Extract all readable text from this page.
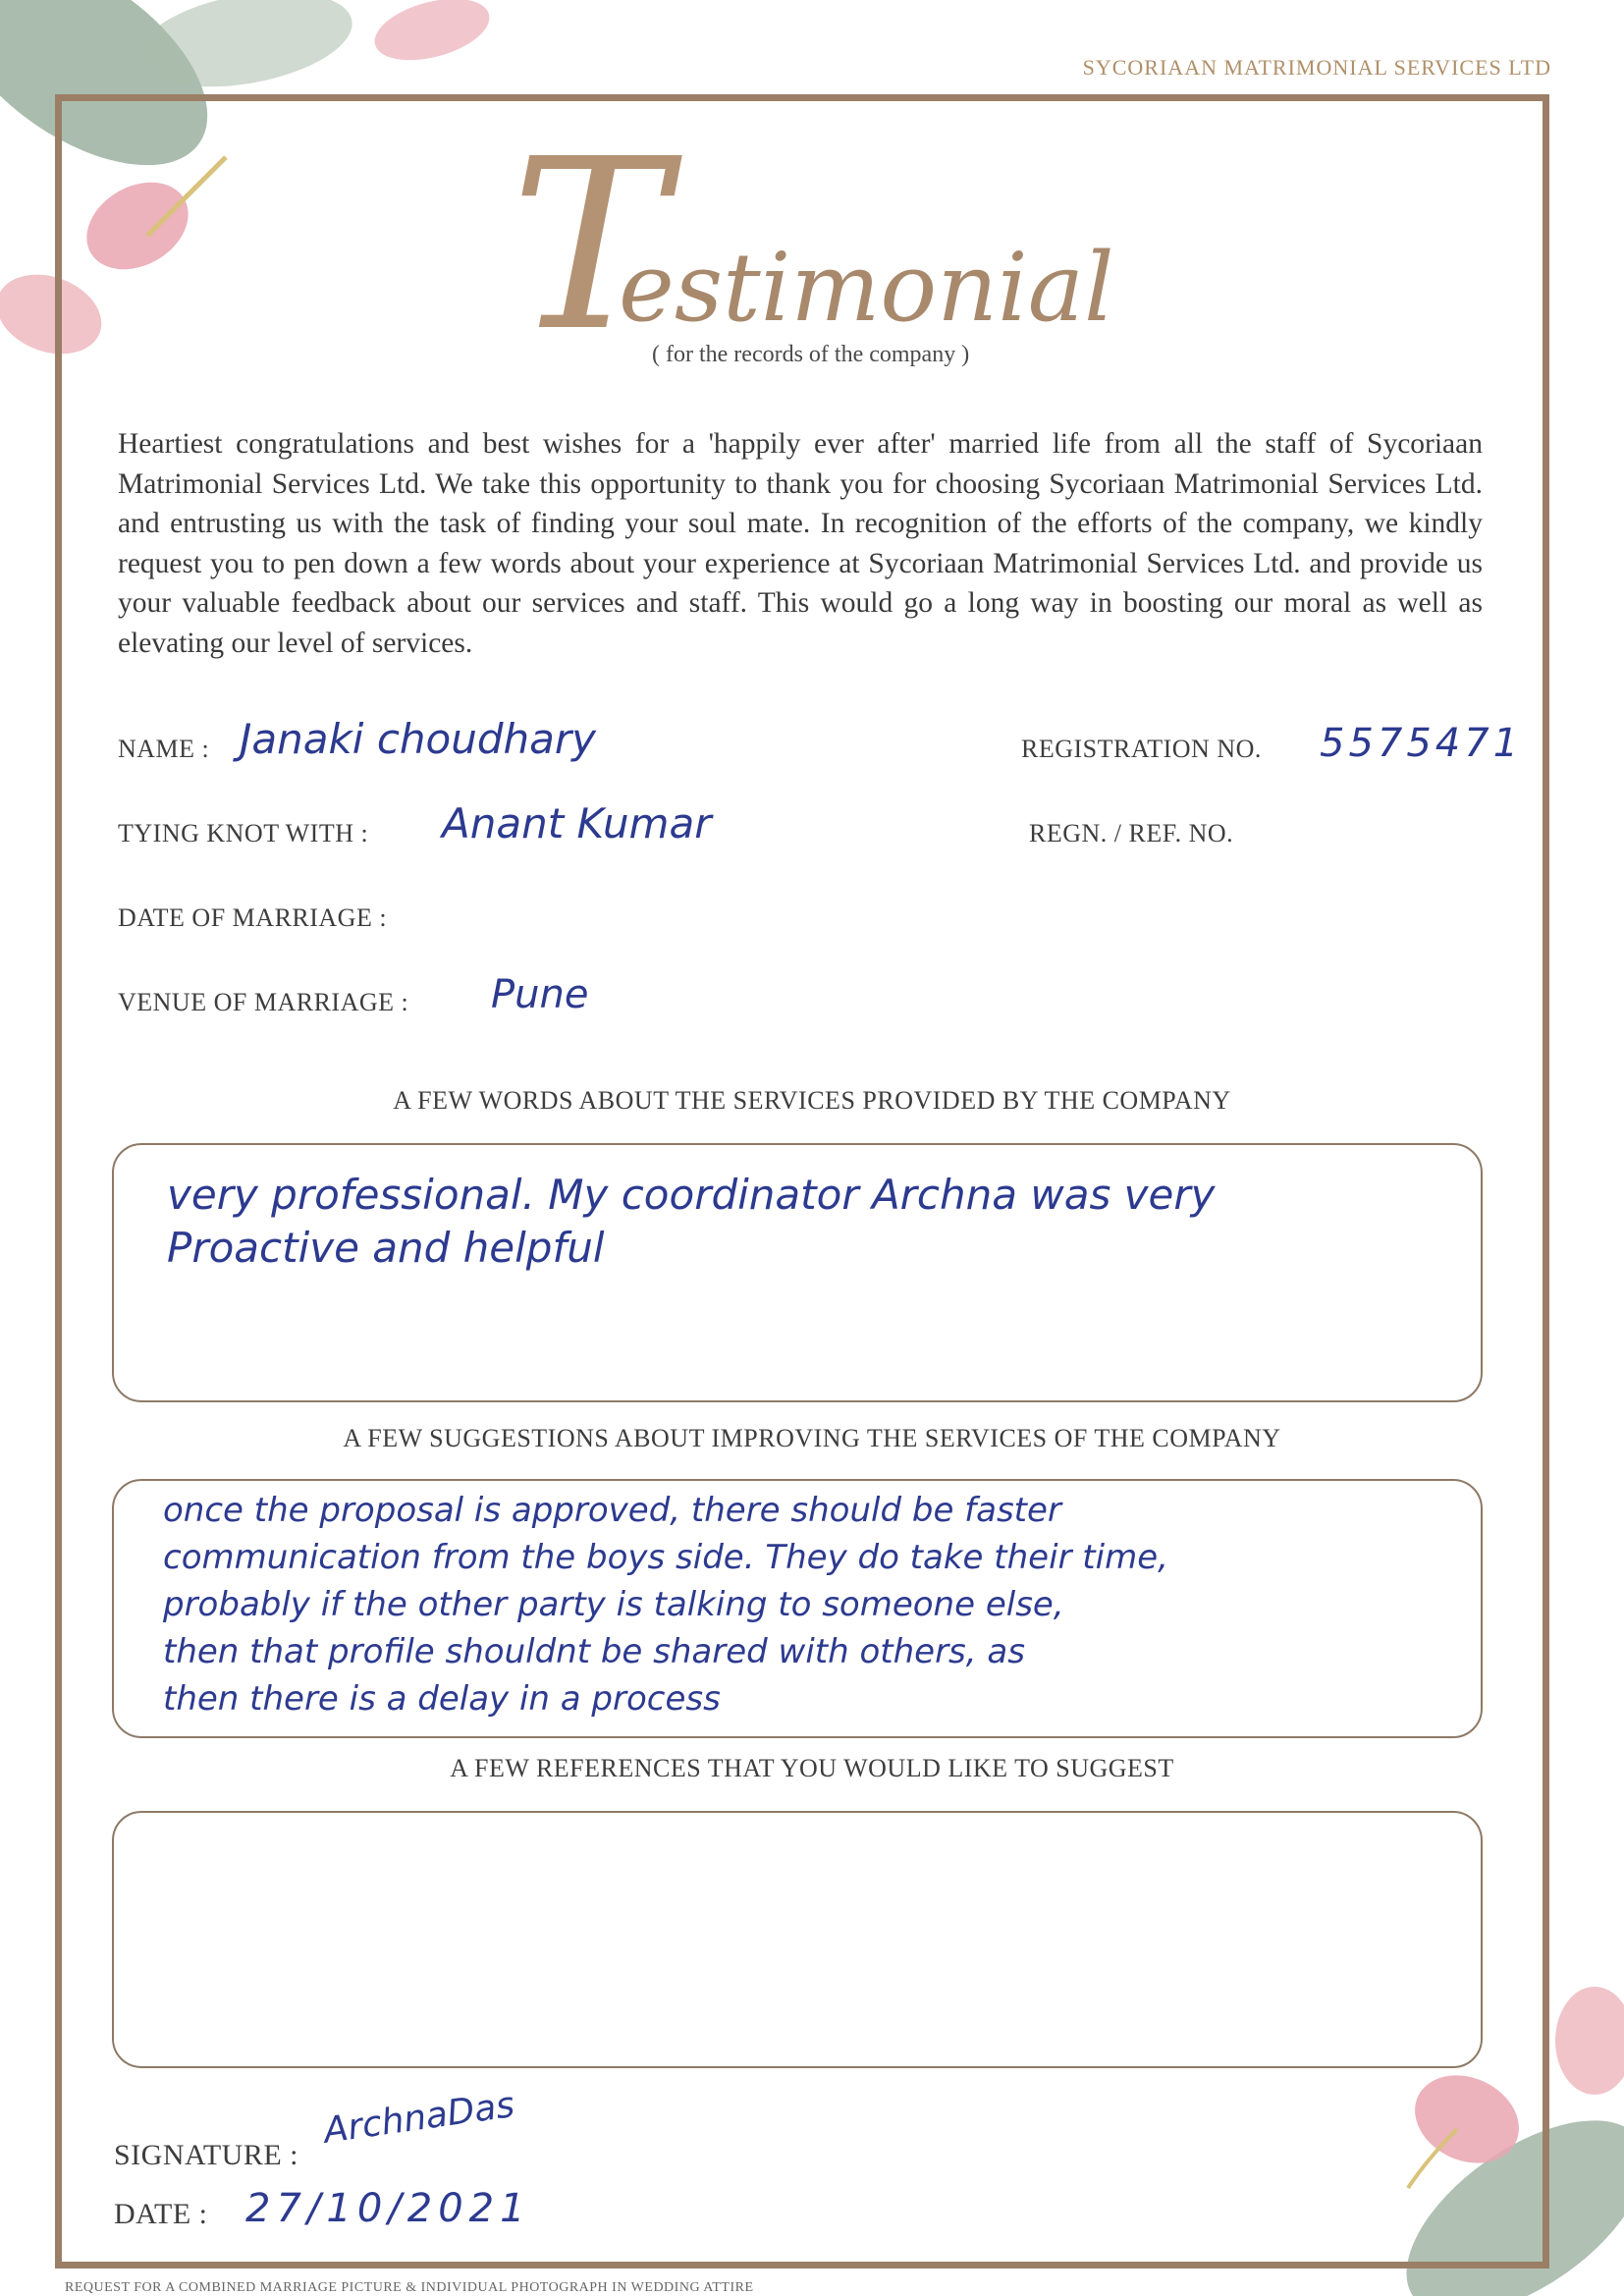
SYCORIAAN MATRIMONIAL SERVICES LTD
T
estimonial
( for the records of the company )
Heartiest congratulations and best wishes for a 'happily ever after' married life from all the staff of Sycoriaan Matrimonial Services Ltd. We take this opportunity to thank you for choosing Sycoriaan Matrimonial Services Ltd. and entrusting us with the task of finding your soul mate. In recognition of the efforts of the company, we kindly request you to pen down a few words about your experience at Sycoriaan Matrimonial Services Ltd. and provide us your valuable feedback about our services and staff. This would go a long way in boosting our moral as well as elevating our level of services.
NAME : Janaki choudhary	REGISTRATION NO. 5575471
TYING KNOT WITH : Anant Kumar	REGN. / REF. NO.
DATE OF MARRIAGE :
VENUE OF MARRIAGE : Pune
A FEW WORDS ABOUT THE SERVICES PROVIDED BY THE COMPANY
very professional. My coordinator Archna was very
Proactive and helpful
A FEW SUGGESTIONS ABOUT IMPROVING THE SERVICES OF THE COMPANY
once the proposal is approved, there should be faster
communication from the boys side. They do take their time,
probably if the other party is talking to someone else,
then that profile shouldnt be shared with others, as
then there is a delay in a process
A FEW REFERENCES THAT YOU WOULD LIKE TO SUGGEST
SIGNATURE :
ArchnaDas
DATE : 27/10/2021
REQUEST FOR A COMBINED MARRIAGE PICTURE & INDIVIDUAL PHOTOGRAPH IN WEDDING ATTIRE
